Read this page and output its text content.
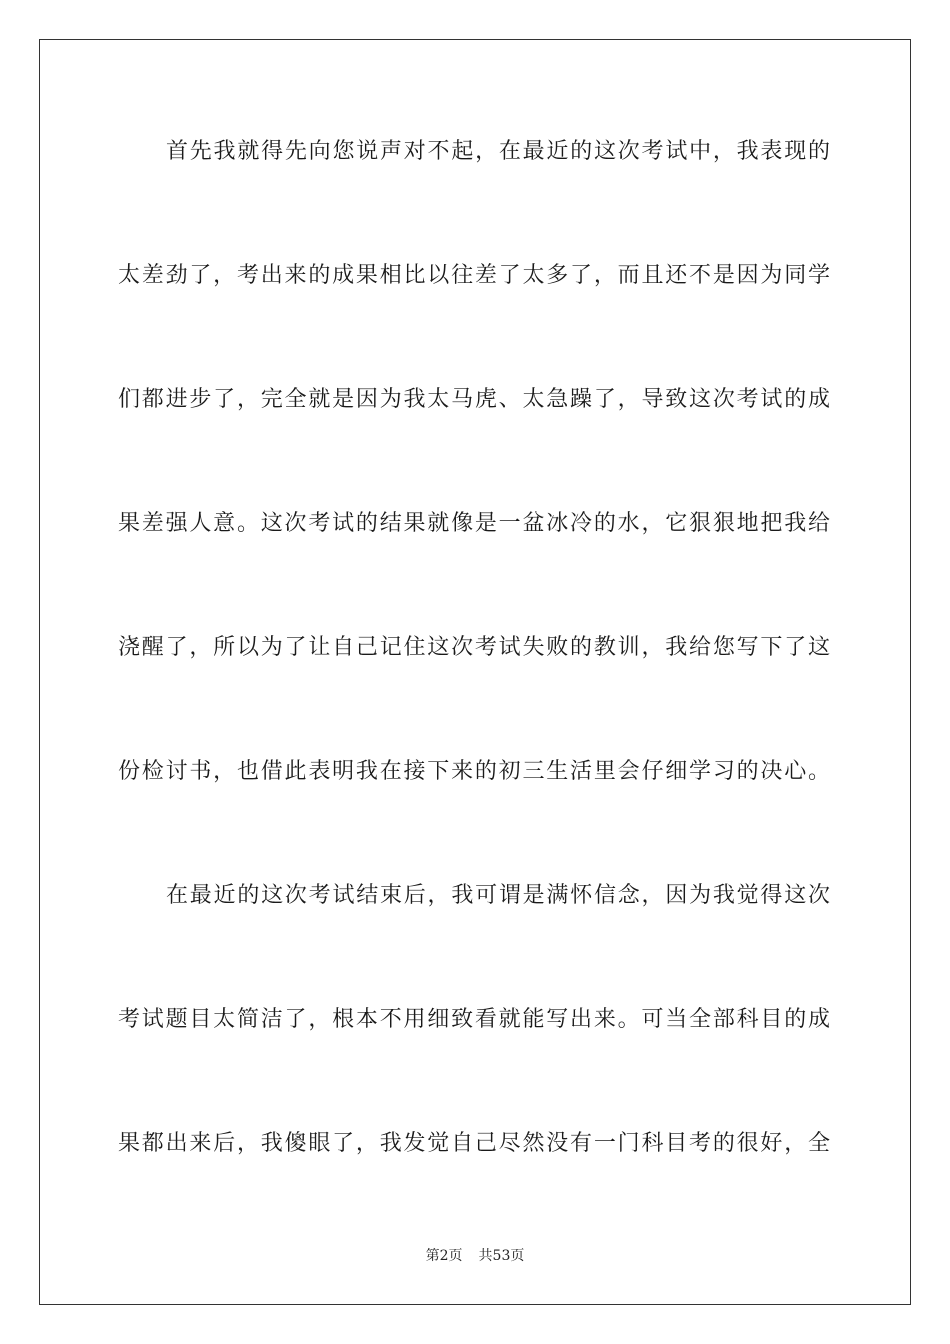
首先我就得先向您说声对不起，在最近的这次考试中，我表现的
太差劲了，考出来的成果相比以往差了太多了，而且还不是因为同学
们都进步了，完全就是因为我太马虎、太急躁了，导致这次考试的成
果差强人意。这次考试的结果就像是一盆冰冷的水，它狠狠地把我给
浇醒了，所以为了让自己记住这次考试失败的教训，我给您写下了这
份检讨书，也借此表明我在接下来的初三生活里会仔细学习的决心。
在最近的这次考试结束后，我可谓是满怀信念，因为我觉得这次
考试题目太简洁了，根本不用细致看就能写出来。可当全部科目的成
果都出来后，我傻眼了，我发觉自己尽然没有一门科目考的很好，全
第2页 共53页
